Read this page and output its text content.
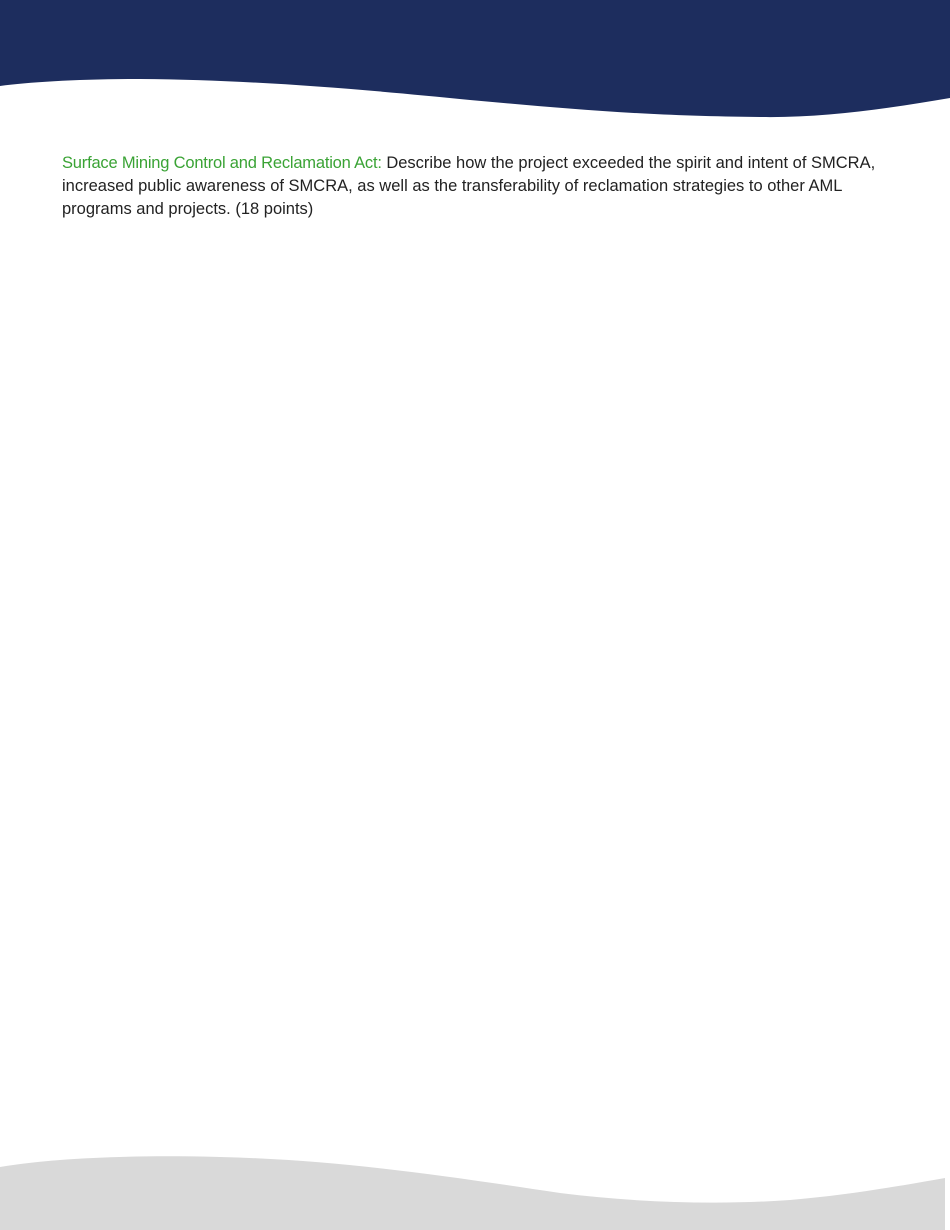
Surface Mining Control and Reclamation Act: Describe how the project exceeded the spirit and intent of SMCRA, increased public awareness of SMCRA, as well as the transferability of reclamation strategies to other AML programs and projects. (18 points)
